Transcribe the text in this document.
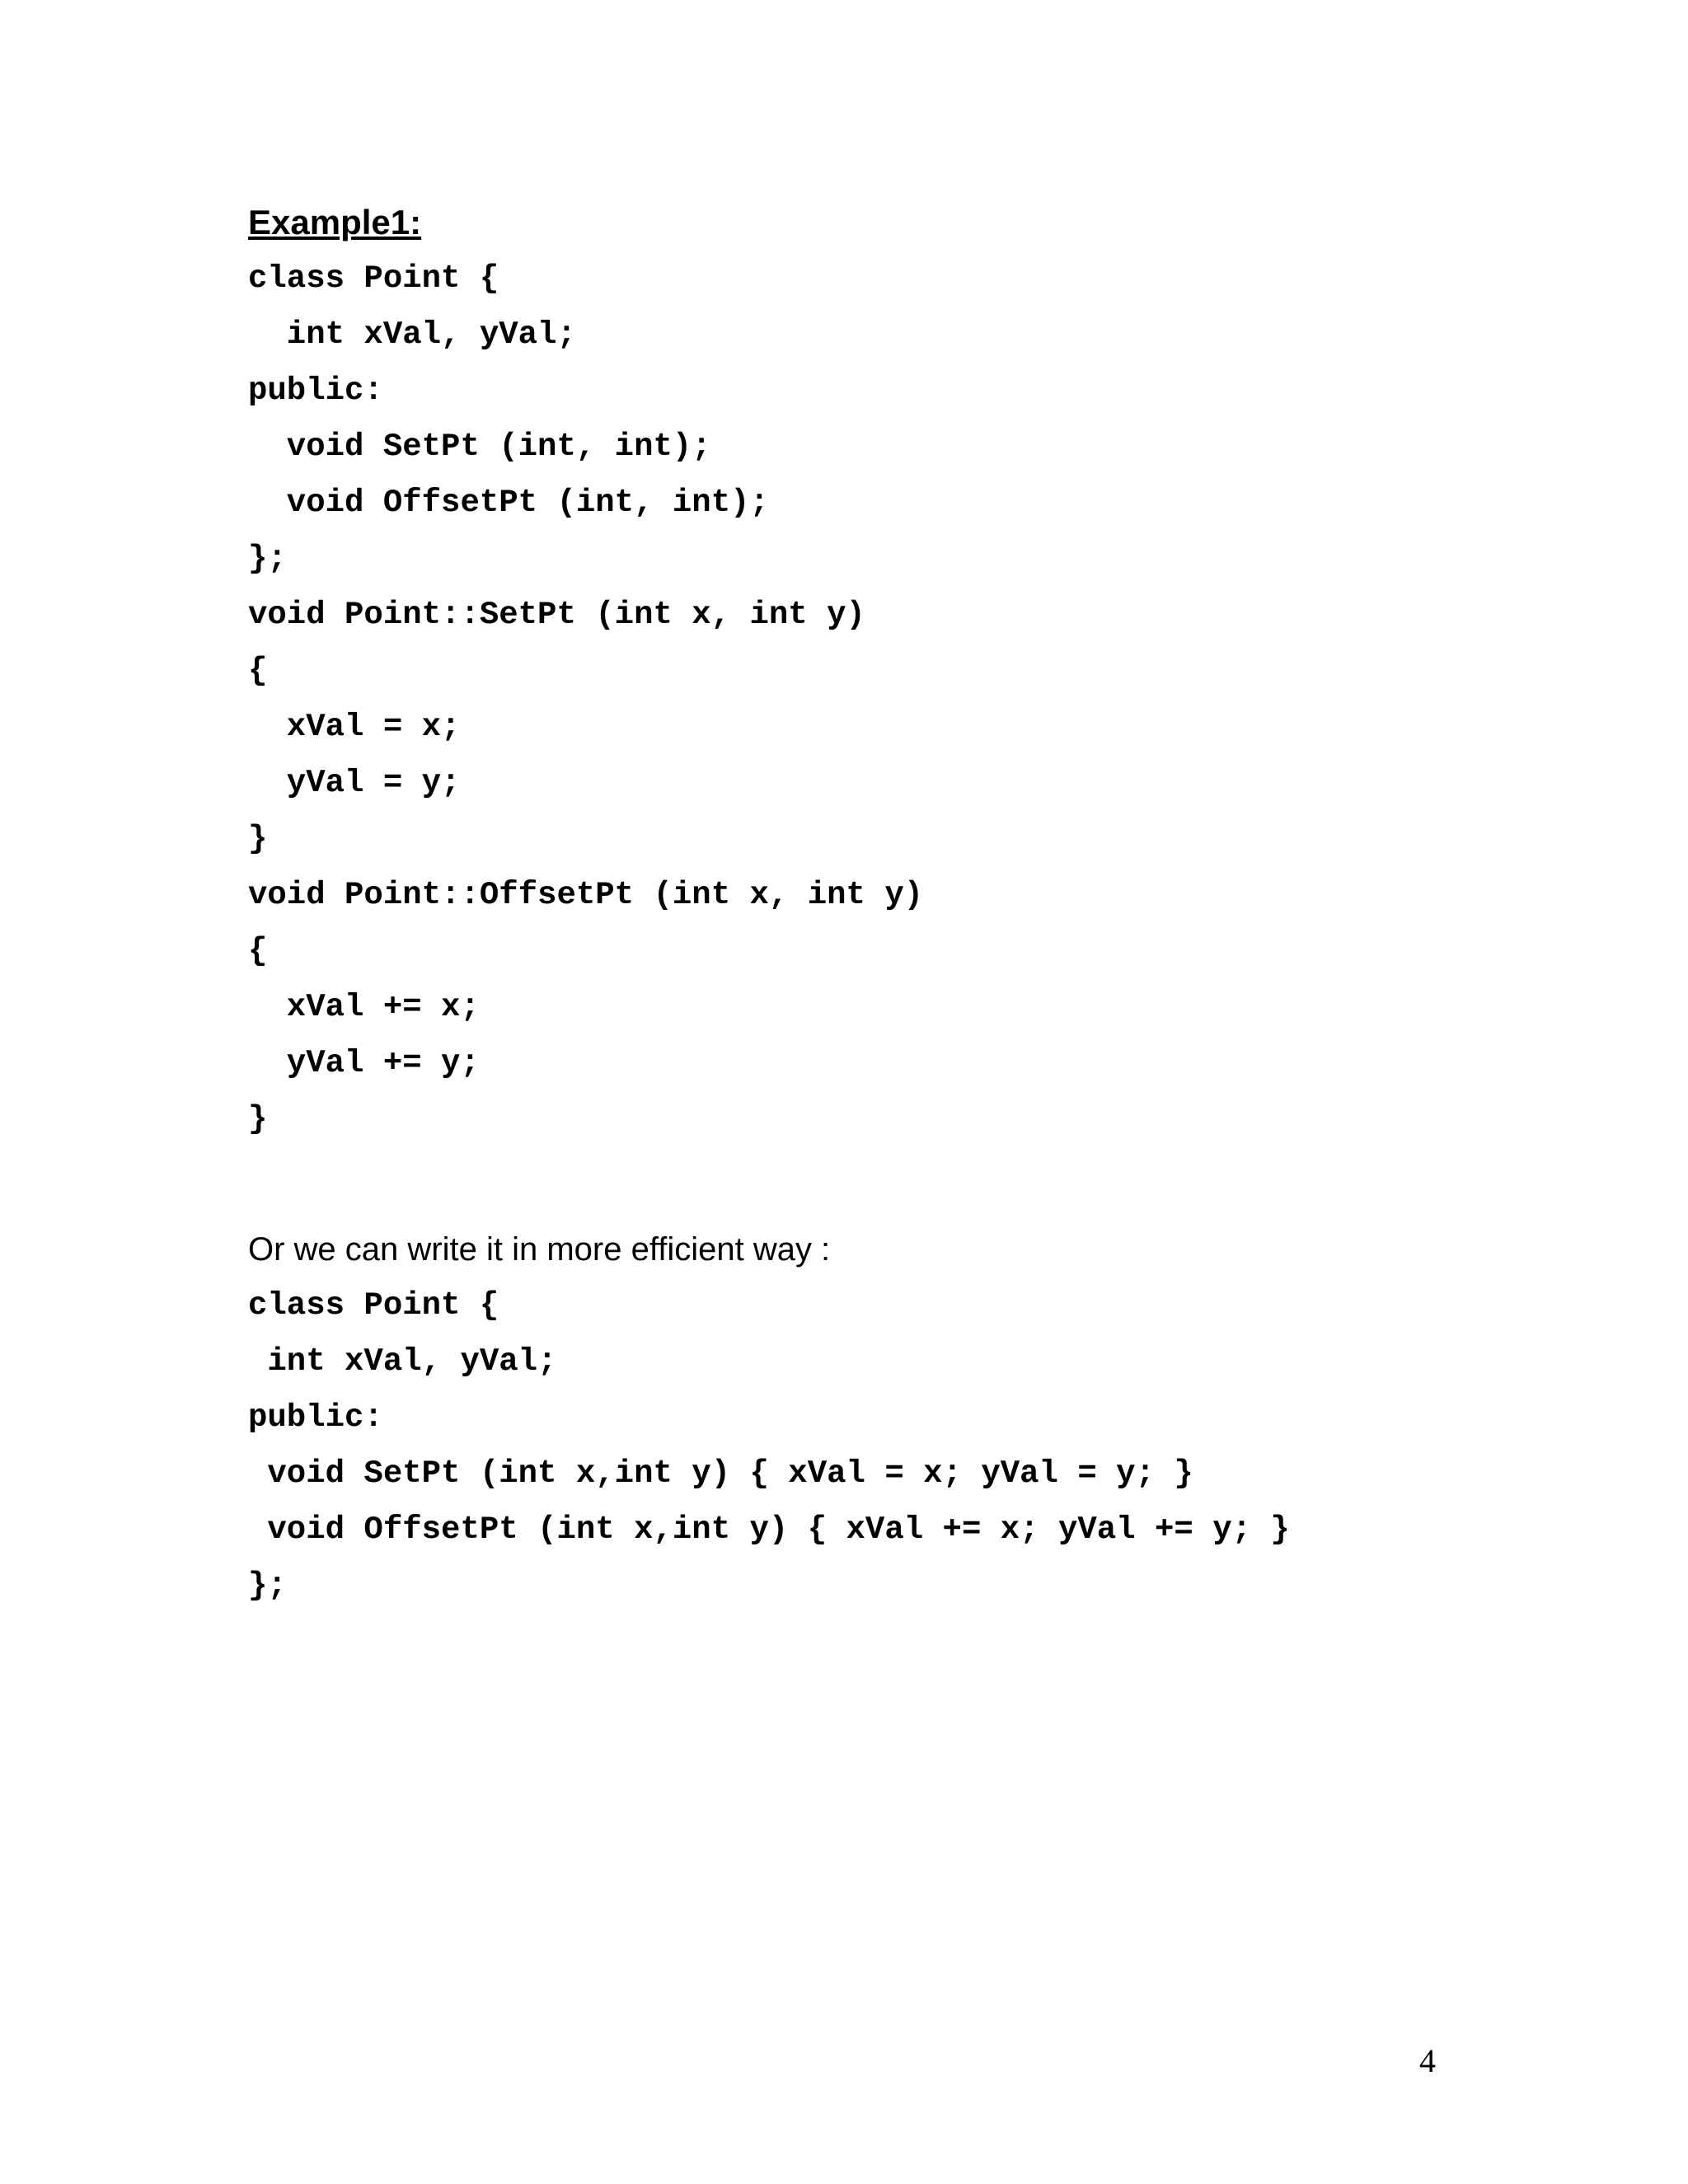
Example1:
class Point {
int xVal, yVal;
public:
void SetPt (int, int);
void OffsetPt (int, int);
};
void Point::SetPt (int x, int y)
{
xVal = x;
yVal = y;
}
void Point::OffsetPt (int x, int y)
{
xVal += x;
yVal += y;
}
Or we can write it in more efficient way :
class Point {
int xVal, yVal;
public:
void SetPt (int x,int y) { xVal = x; yVal = y; }
void OffsetPt (int x,int y) { xVal += x; yVal += y; }
};
4
